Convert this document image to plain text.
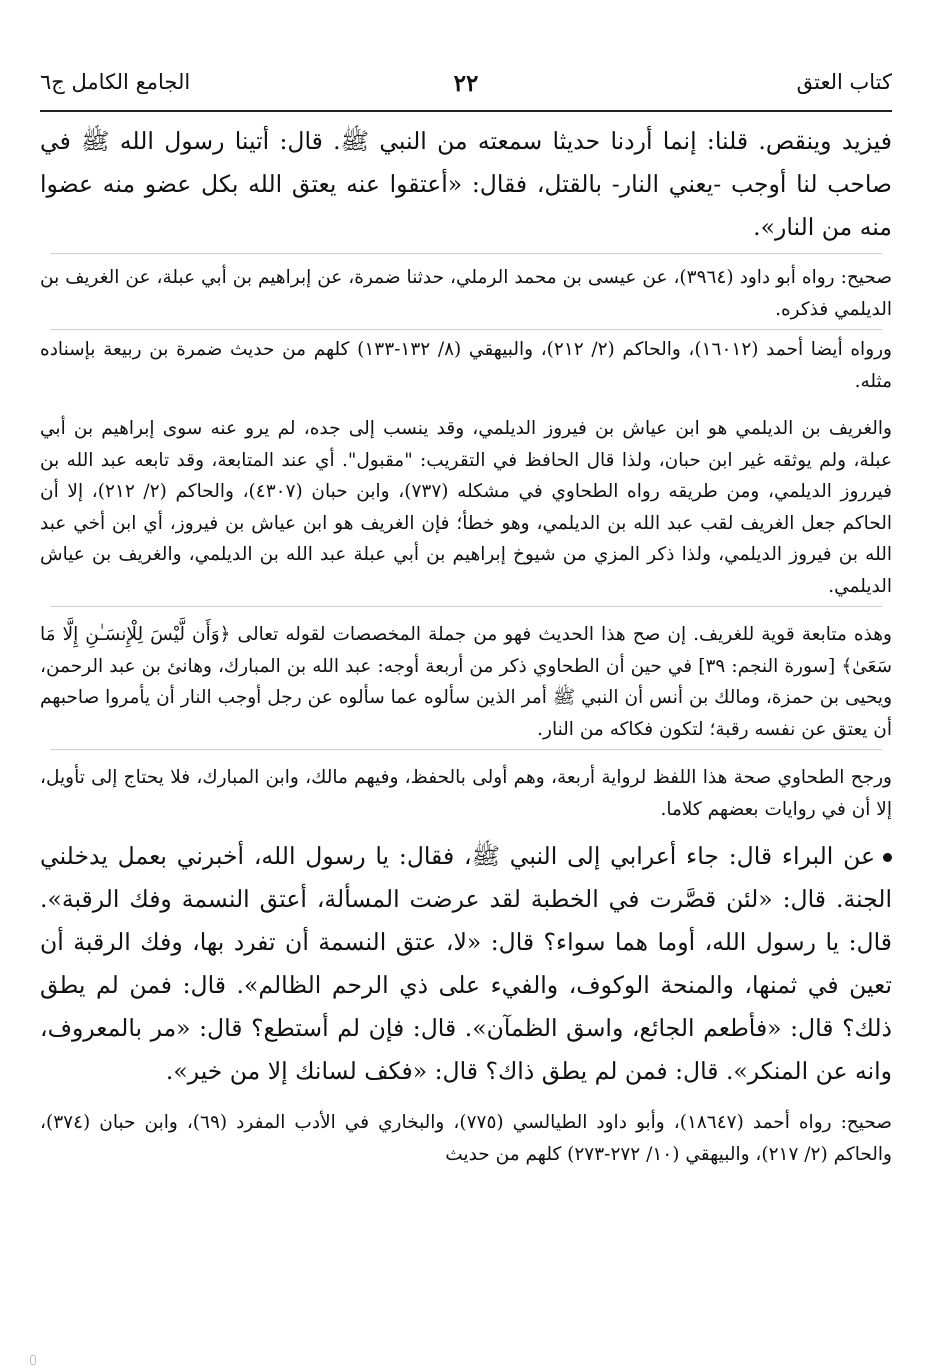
كتاب العتق
٢٢
الجامع الكامل ج٦

فيزيد وينقص. قلنا: إنما أردنا حديثا سمعته من النبي ﷺ. قال: أتينا رسول الله ﷺ في صاحب لنا أوجب -يعني النار- بالقتل، فقال: «أعتقوا عنه يعتق الله بكل عضو منه عضوا منه من النار».

صحيح: رواه أبو داود (٣٩٦٤)، عن عيسى بن محمد الرملي، حدثنا ضمرة، عن إبراهيم بن أبي عبلة، عن الغريف بن الديلمي فذكره.

ورواه أيضا أحمد (١٦٠١٢)، والحاكم (٢/ ٢١٢)، والبيهقي (٨/ ١٣٢-١٣٣) كلهم من حديث ضمرة بن ربيعة بإسناده مثله.

والغريف بن الديلمي هو ابن عياش بن فيروز الديلمي، وقد ينسب إلى جده، لم يرو عنه سوى إبراهيم بن أبي عبلة، ولم يوثقه غير ابن حبان، ولذا قال الحافظ في التقريب: "مقبول". أي عند المتابعة، وقد تابعه عبد الله بن فيرروز الديلمي، ومن طريقه رواه الطحاوي في مشكله (٧٣٧)، وابن حبان (٤٣٠٧)، والحاكم (٢/ ٢١٢)، إلا أن الحاكم جعل الغريف لقب عبد الله بن الديلمي، وهو خطأ؛ فإن الغريف هو ابن عياش بن فيروز، أي ابن أخي عبد الله بن فيروز الديلمي، ولذا ذكر المزي من شيوخ إبراهيم بن أبي عبلة عبد الله بن الديلمي، والغريف بن عياش الديلمي.

وهذه متابعة قوية للغريف. إن صح هذا الحديث فهو من جملة المخصصات لقوله تعالى ﴿وَأَن لَّيْسَ لِلْإِنسَـٰنِ إِلَّا مَا سَعَىٰ﴾ [سورة النجم: ٣٩] في حين أن الطحاوي ذكر من أربعة أوجه: عبد الله بن المبارك، وهانئ بن عبد الرحمن، ويحيى بن حمزة، ومالك بن أنس أن النبي ﷺ أمر الذين سألوه عما سألوه عن رجل أوجب النار أن يأمروا صاحبهم أن يعتق عن نفسه رقبة؛ لتكون فكاكه من النار.

ورجح الطحاوي صحة هذا اللفظ لرواية أربعة، وهم أولى بالحفظ، وفيهم مالك، وابن المبارك، فلا يحتاج إلى تأويل، إلا أن في روايات بعضهم كلاما.

عن البراء قال: جاء أعرابي إلى النبي ﷺ، فقال: يا رسول الله، أخبرني بعمل يدخلني الجنة. قال: «لئن قصَّرت في الخطبة لقد عرضت المسألة، أعتق النسمة وفك الرقبة». قال: يا رسول الله، أوما هما سواء؟ قال: «لا، عتق النسمة أن تفرد بها، وفك الرقبة أن تعين في ثمنها، والمنحة الوكوف، والفيء على ذي الرحم الظالم». قال: فمن لم يطق ذلك؟ قال: «فأطعم الجائع، واسق الظمآن». قال: فإن لم أستطع؟ قال: «مر بالمعروف، وانه عن المنكر». قال: فمن لم يطق ذاك؟ قال: «فكف لسانك إلا من خير».

صحيح: رواه أحمد (١٨٦٤٧)، وأبو داود الطيالسي (٧٧٥)، والبخاري في الأدب المفرد (٦٩)، وابن حبان (٣٧٤)، والحاكم (٢/ ٢١٧)، والبيهقي (١٠/ ٢٧٢-٢٧٣) كلهم من حديث
